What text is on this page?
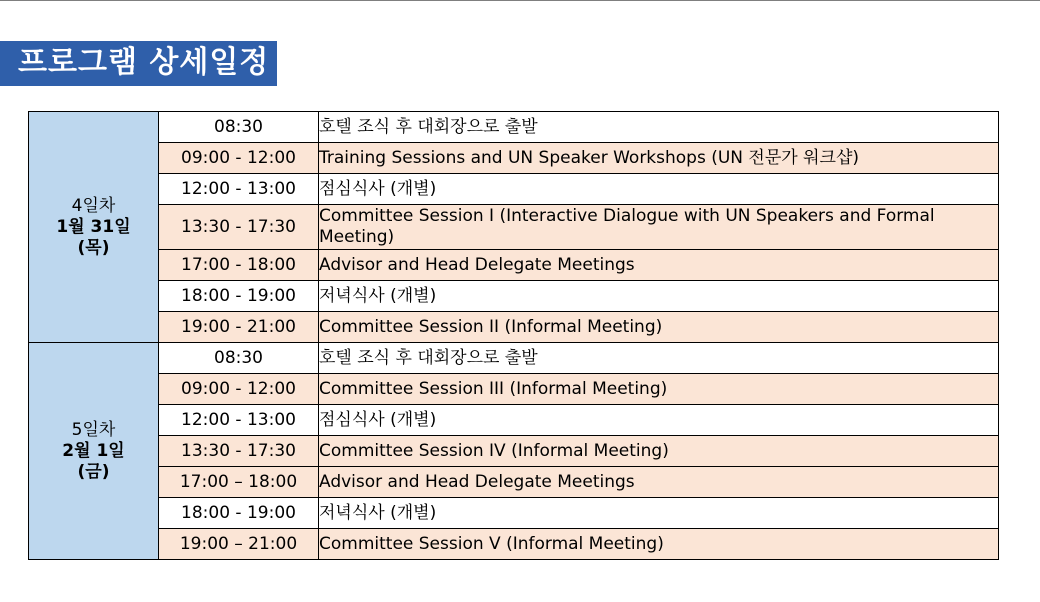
프로그램 상세일정
4일차
1월 31일
(목)	08:30	호텔 조식 후 대회장으로 출발
	09:00 - 12:00	Training Sessions and UN Speaker Workshops (UN 전문가 워크샵)
	12:00 - 13:00	점심식사 (개별)
	13:30 - 17:30	Committee Session I (Interactive Dialogue with UN Speakers and Formal Meeting)
	17:00 - 18:00	Advisor and Head Delegate Meetings
	18:00 - 19:00	저녁식사 (개별)
	19:00 - 21:00	Committee Session II (Informal Meeting)

5일차
2월 1일
(금)	08:30	호텔 조식 후 대회장으로 출발
	09:00 - 12:00	Committee Session III (Informal Meeting)
	12:00 - 13:00	점심식사 (개별)
	13:30 - 17:30	Committee Session IV (Informal Meeting)
	17:00 – 18:00	Advisor and Head Delegate Meetings
	18:00 - 19:00	저녁식사 (개별)
	19:00 – 21:00	Committee Session V (Informal Meeting)
